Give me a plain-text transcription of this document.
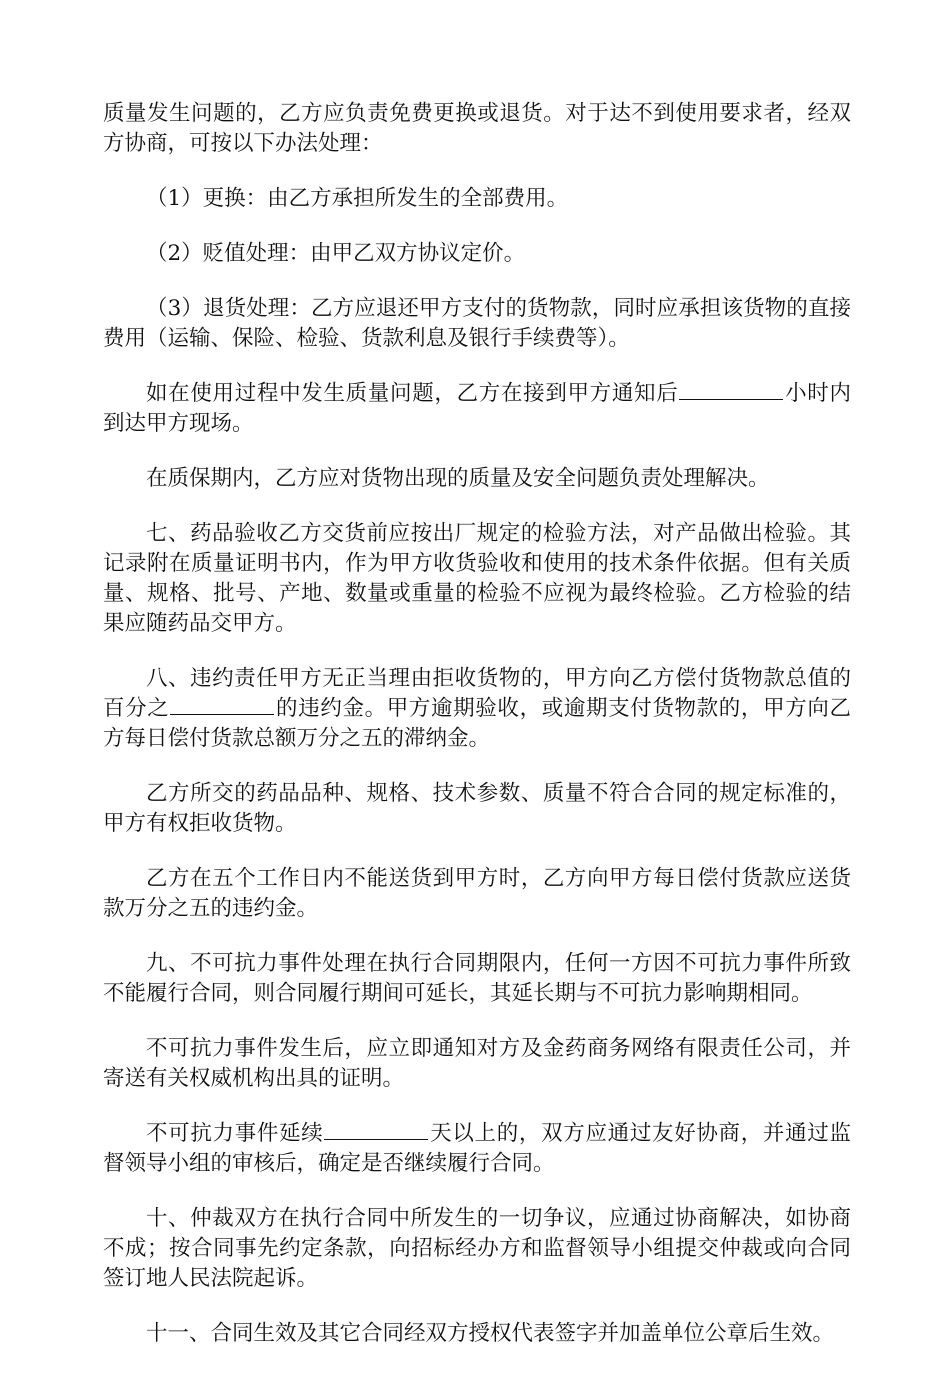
质量发生问题的，乙方应负责免费更换或退货。对于达不到使用要求者，经双方协商，可按以下办法处理：

（1）更换：由乙方承担所发生的全部费用。

（2）贬值处理：由甲乙双方协议定价。

（3）退货处理：乙方应退还甲方支付的货物款，同时应承担该货物的直接费用（运输、保险、检验、货款利息及银行手续费等）。

如在使用过程中发生质量问题，乙方在接到甲方通知后	小时内到达甲方现场。

在质保期内，乙方应对货物出现的质量及安全问题负责处理解决。

七、药品验收乙方交货前应按出厂规定的检验方法，对产品做出检验。其记录附在质量证明书内，作为甲方收货验收和使用的技术条件依据。但有关质量、规格、批号、产地、数量或重量的检验不应视为最终检验。乙方检验的结果应随药品交甲方。

八、违约责任甲方无正当理由拒收货物的，甲方向乙方偿付货物款总值的百分之	的违约金。甲方逾期验收，或逾期支付货物款的，甲方向乙方每日偿付货款总额万分之五的滞纳金。

乙方所交的药品品种、规格、技术参数、质量不符合合同的规定标准的，甲方有权拒收货物。

乙方在五个工作日内不能送货到甲方时，乙方向甲方每日偿付货款应送货款万分之五的违约金。

九、不可抗力事件处理在执行合同期限内，任何一方因不可抗力事件所致不能履行合同，则合同履行期间可延长，其延长期与不可抗力影响期相同。

不可抗力事件发生后，应立即通知对方及金药商务网络有限责任公司，并寄送有关权威机构出具的证明。

不可抗力事件延续	天以上的，双方应通过友好协商，并通过监督领导小组的审核后，确定是否继续履行合同。

十、仲裁双方在执行合同中所发生的一切争议，应通过协商解决，如协商不成；按合同事先约定条款，向招标经办方和监督领导小组提交仲裁或向合同签订地人民法院起诉。

十一、合同生效及其它合同经双方授权代表签字并加盖单位公章后生效。
